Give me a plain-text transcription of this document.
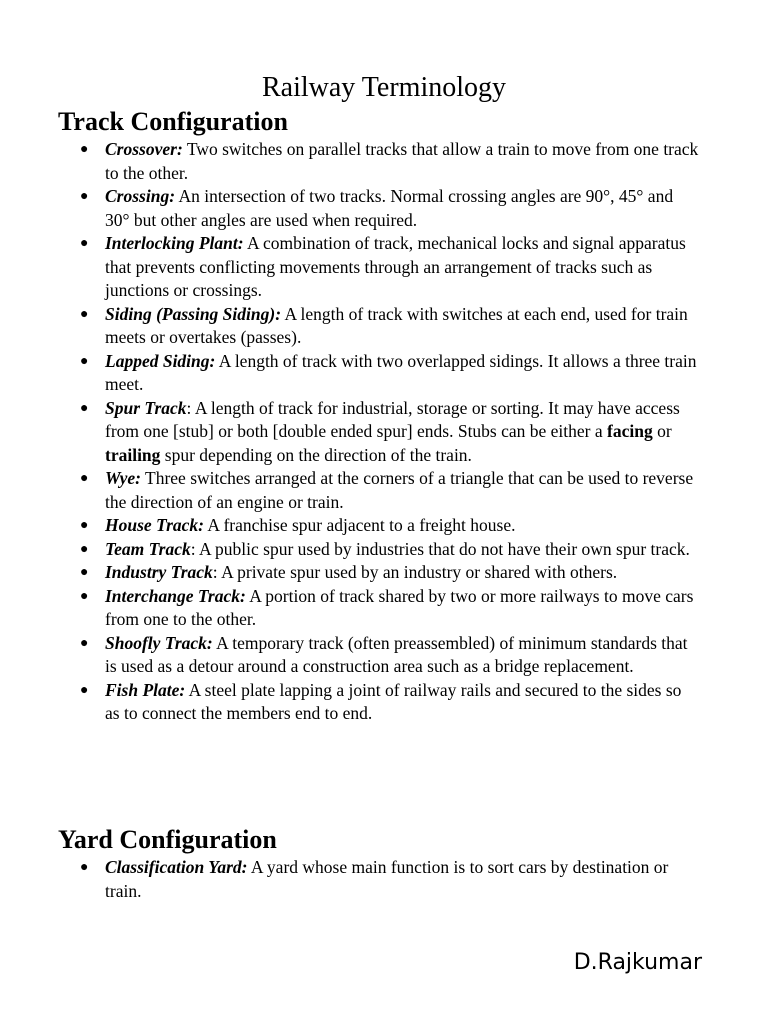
Railway Terminology
Track Configuration
● Crossover: Two switches on parallel tracks that allow a train to move from one track to the other.
● Crossing: An intersection of two tracks. Normal crossing angles are 90°, 45° and 30° but other angles are used when required.
● Interlocking Plant: A combination of track, mechanical locks and signal apparatus that prevents conflicting movements through an arrangement of tracks such as junctions or crossings.
● Siding (Passing Siding): A length of track with switches at each end, used for train meets or overtakes (passes).
● Lapped Siding: A length of track with two overlapped sidings. It allows a three train meet.
● Spur Track: A length of track for industrial, storage or sorting. It may have access from one [stub] or both [double ended spur] ends. Stubs can be either a facing or trailing spur depending on the direction of the train.
● Wye: Three switches arranged at the corners of a triangle that can be used to reverse the direction of an engine or train.
● House Track: A franchise spur adjacent to a freight house.
● Team Track: A public spur used by industries that do not have their own spur track.
● Industry Track: A private spur used by an industry or shared with others.
● Interchange Track: A portion of track shared by two or more railways to move cars from one to the other.
● Shoofly Track: A temporary track (often preassembled) of minimum standards that is used as a detour around a construction area such as a bridge replacement.
● Fish Plate: A steel plate lapping a joint of railway rails and secured to the sides so as to connect the members end to end.
Yard Configuration
● Classification Yard: A yard whose main function is to sort cars by destination or train.
D.Rajkumar
